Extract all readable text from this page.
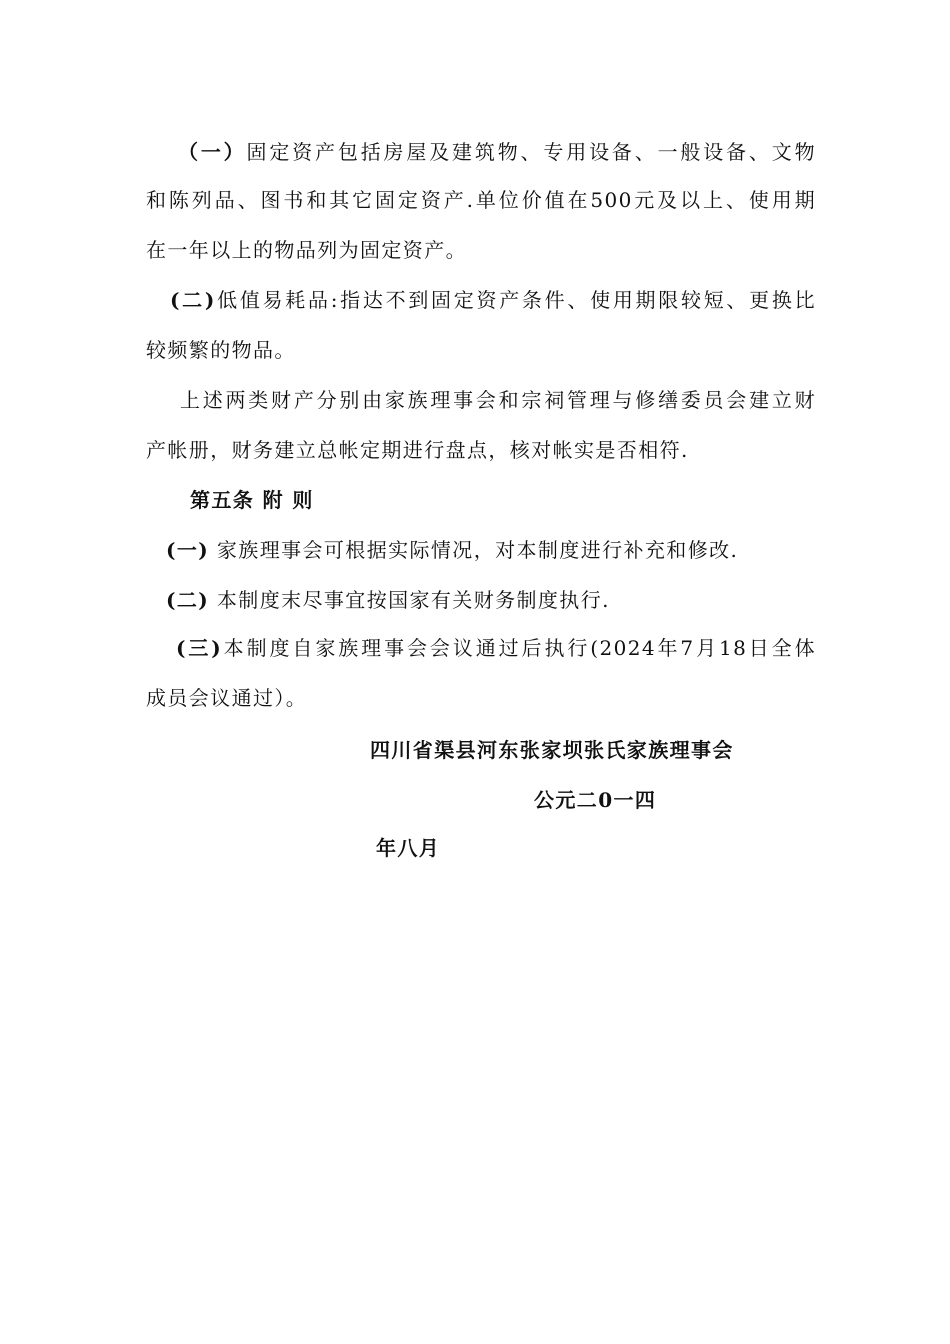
（一）固定资产包括房屋及建筑物、专用设备、一般设备、文物
和陈列品、图书和其它固定资产.单位价值在500元及以上、使用期
在一年以上的物品列为固定资产。
(二)低值易耗品:指达不到固定资产条件、使用期限较短、更换比
较频繁的物品。
上述两类财产分别由家族理事会和宗祠管理与修缮委员会建立财
产帐册，财务建立总帐定期进行盘点，核对帐实是否相符.
第五条 附 则
(一) 家族理事会可根据实际情况，对本制度进行补充和修改.
(二) 本制度末尽事宜按国家有关财务制度执行.
(三)本制度自家族理事会会议通过后执行(2024年7月18日全体
成员会议通过）。
四川省渠县河东张家坝张氏家族理事会
公元二0一四
年八月
